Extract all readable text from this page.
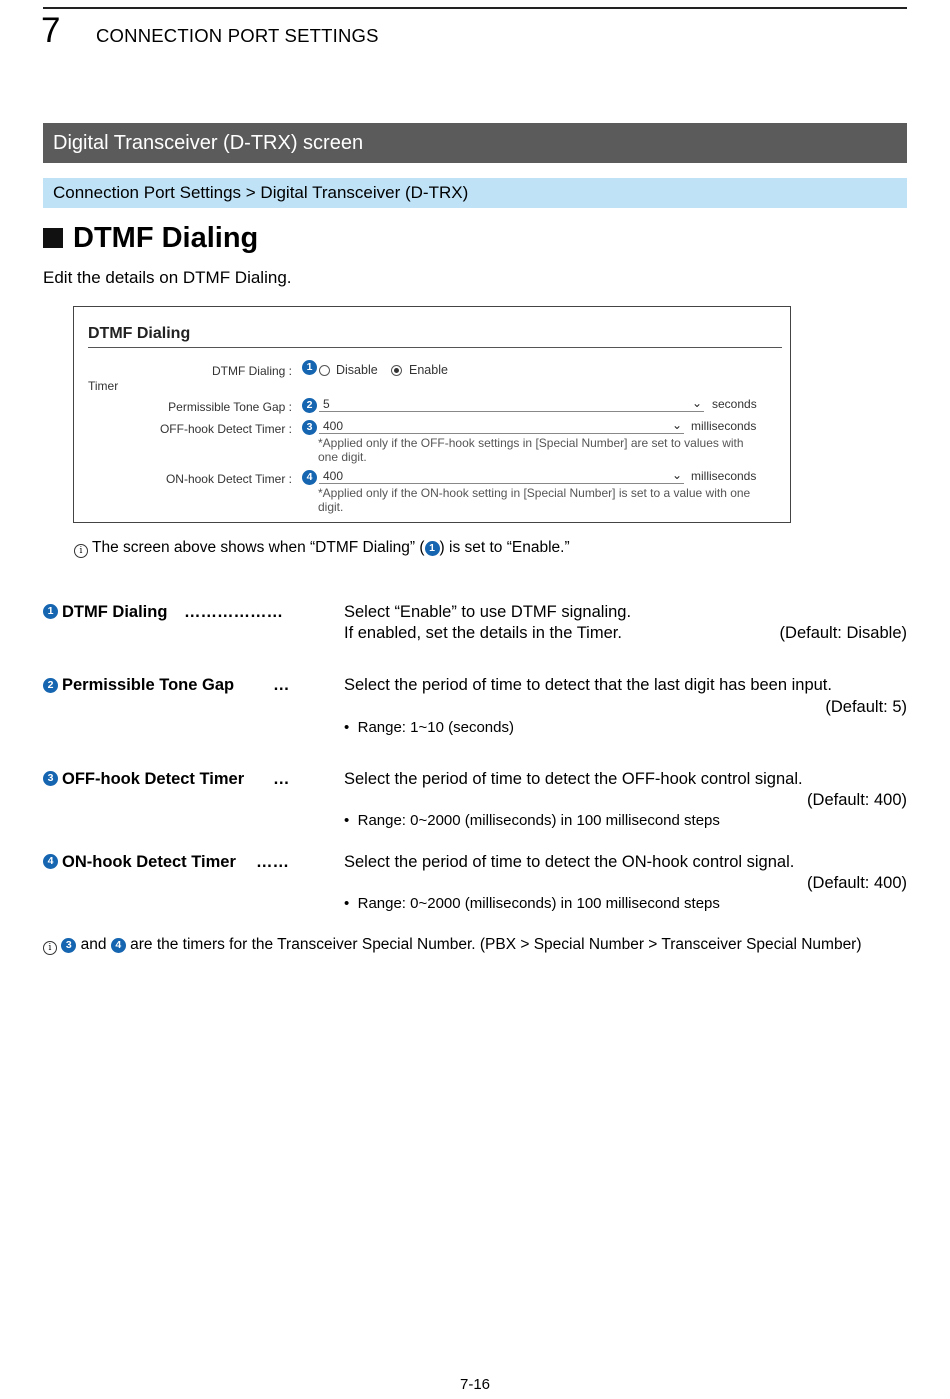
7 CONNECTION PORT SETTINGS
Digital Transceiver (D-TRX) screen
Connection Port Settings > Digital Transceiver (D-TRX)
DTMF Dialing
Edit the details on DTMF Dialing.
DTMF Dialing
Timer
DTMF Dialing :	1	Disable	Enable
Permissible Tone Gap :	2 5	⌄ seconds
OFF-hook Detect Timer :	3 400	⌄ milliseconds
*Applied only if the OFF-hook settings in [Special Number] are set to values with one digit.
ON-hook Detect Timer :	4 400	⌄ milliseconds
*Applied only if the ON-hook setting in [Special Number] is set to a value with one digit.
i The screen above shows when “DTMF Dialing” ( 1 ) is set to “Enable.”
1 DTMF Dialing ………………	Select “Enable” to use DTMF signaling.
If enabled, set the details in the Timer.	(Default: Disable)
2 Permissible Tone Gap …	Select the period of time to detect that the last digit has been input.
(Default: 5)
• Range: 1~10 (seconds)
3 OFF-hook Detect Timer …	Select the period of time to detect the OFF-hook control signal.
(Default: 400)
• Range: 0~2000 (milliseconds) in 100 millisecond steps
4 ON-hook Detect Timer ……	Select the period of time to detect the ON-hook control signal.
(Default: 400)
• Range: 0~2000 (milliseconds) in 100 millisecond steps
i 3 and 4 are the timers for the Transceiver Special Number. (PBX > Special Number > Transceiver Special Number)
7-16
